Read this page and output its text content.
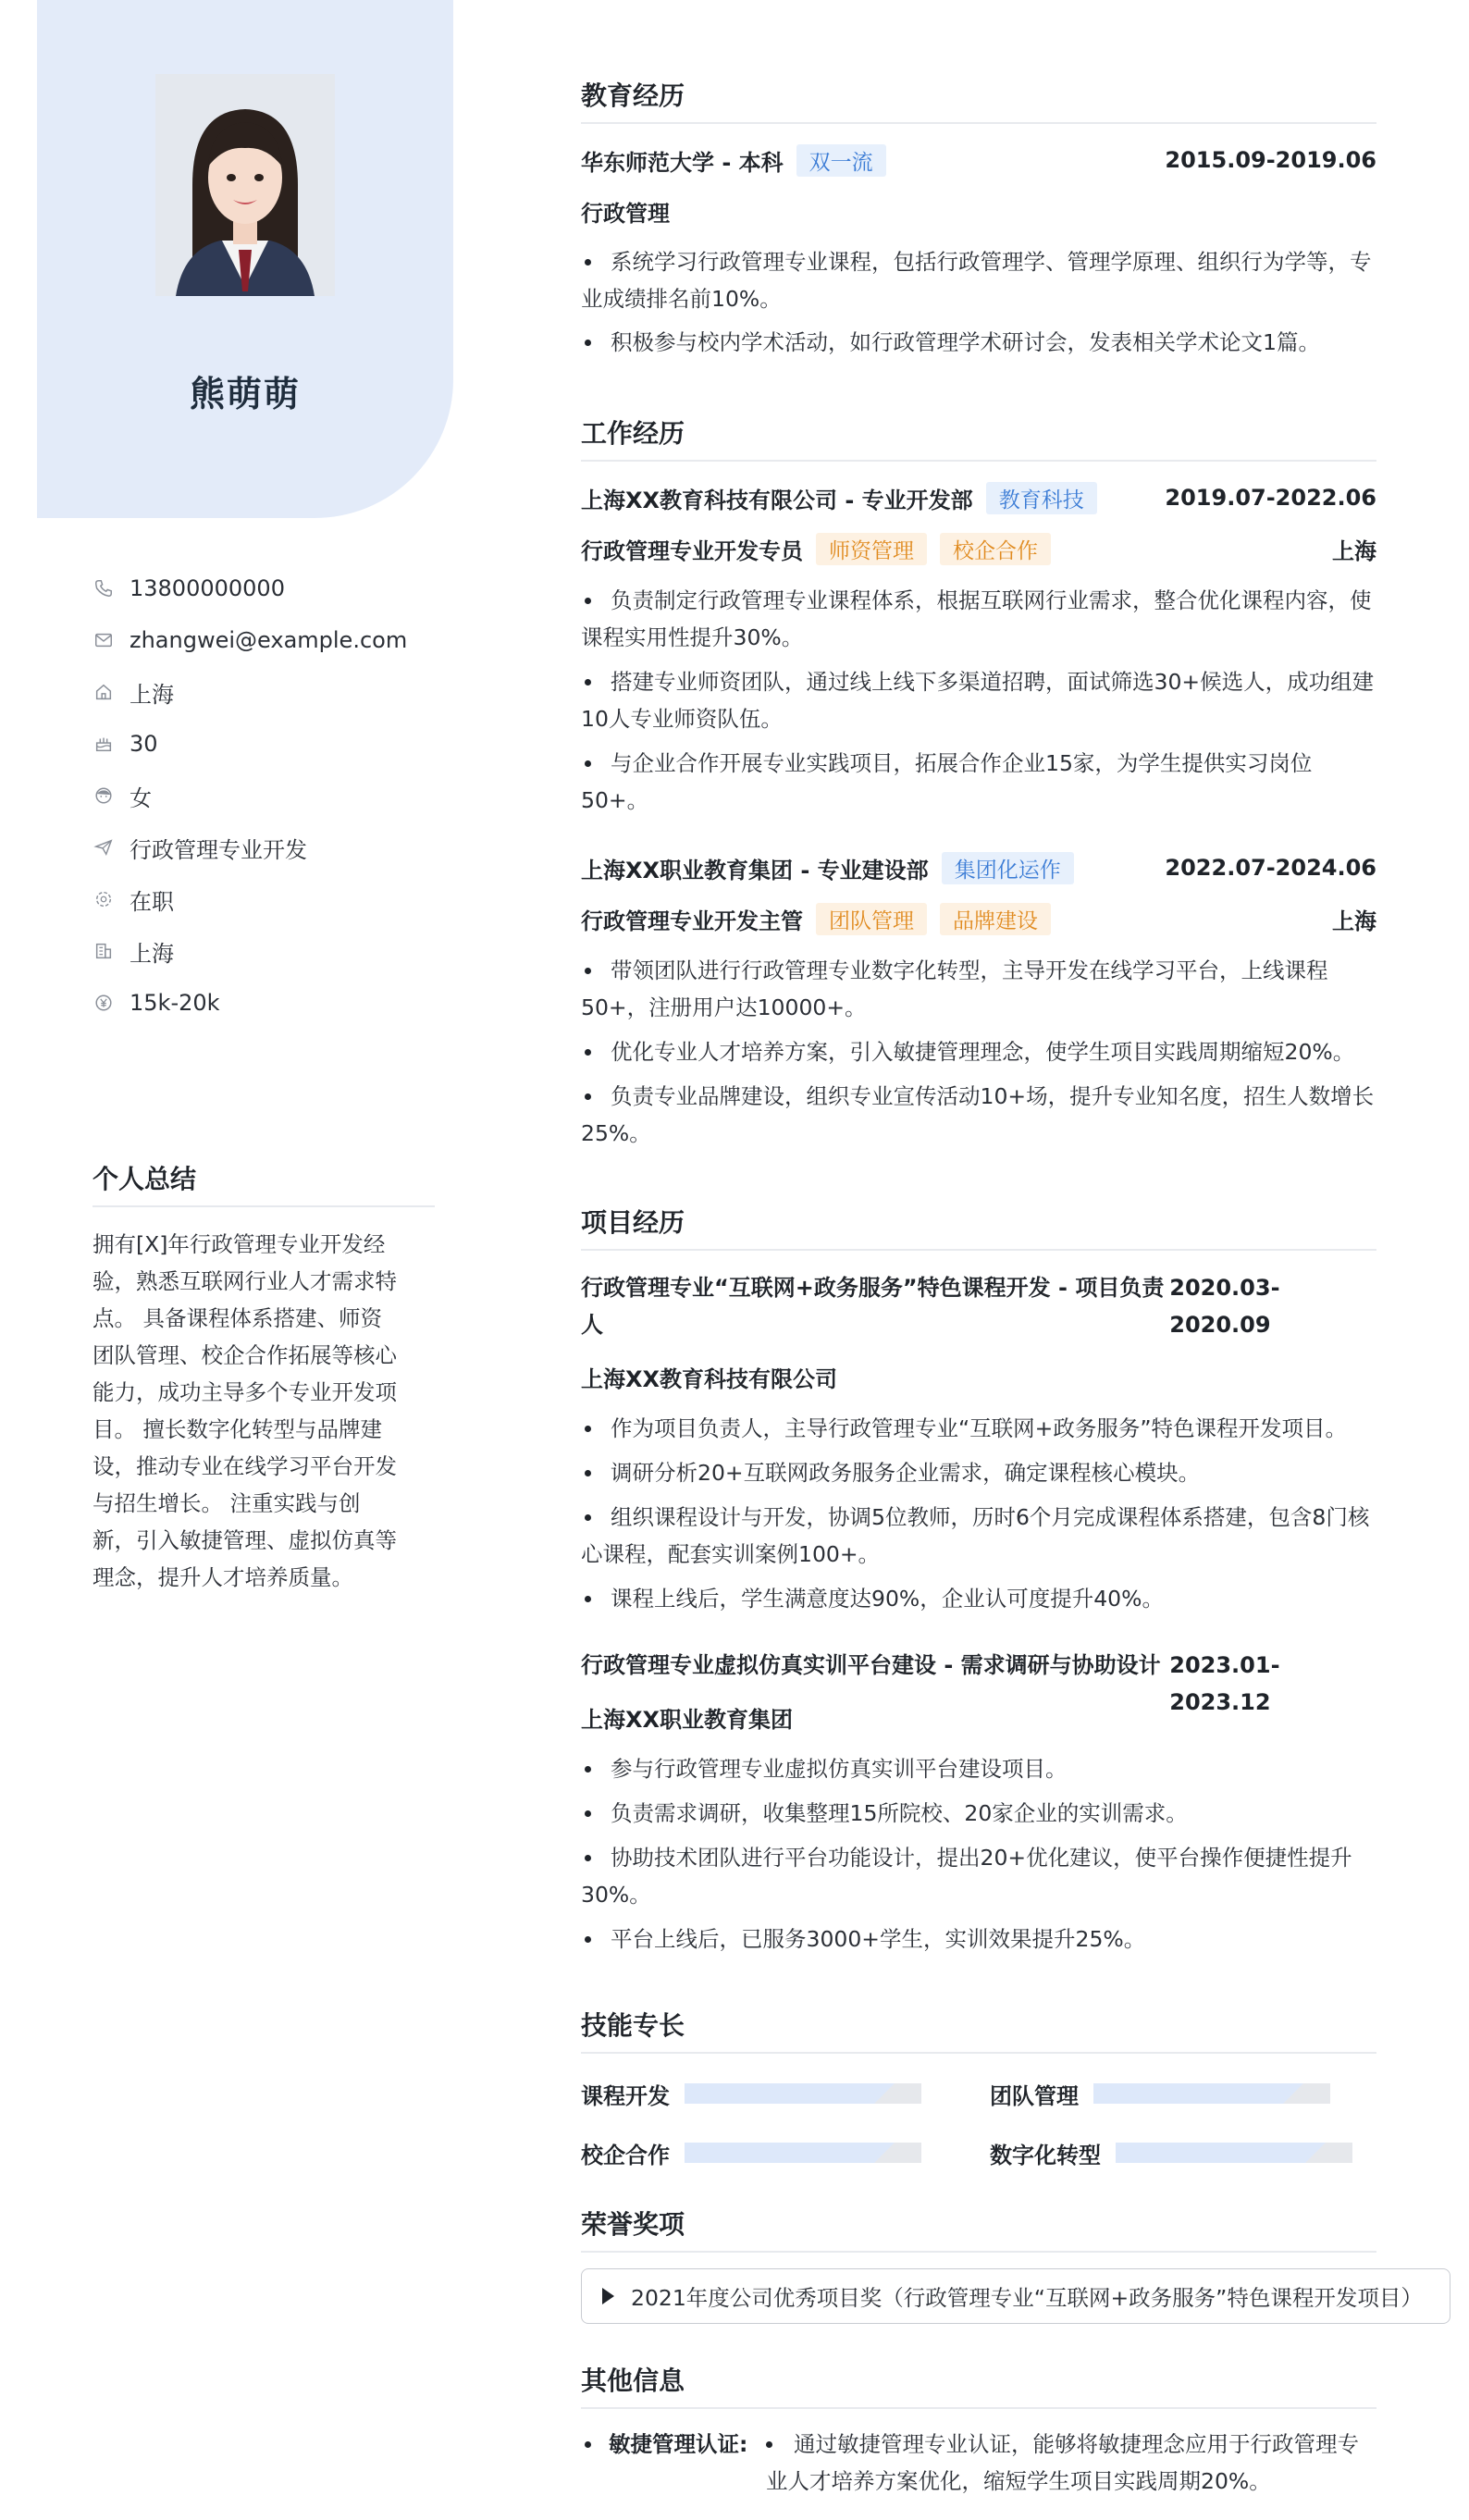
熊萌萌
13800000000
zhangwei@example.com
上海
30
女
行政管理专业开发
在职
上海
15k-20k
个人总结
拥有[X]年行政管理专业开发经验，熟悉互联网行业人才需求特点。 具备课程体系搭建、师资团队管理、校企合作拓展等核心能力，成功主导多个专业开发项目。 擅长数字化转型与品牌建设，推动专业在线学习平台开发与招生增长。 注重实践与创新，引入敏捷管理、虚拟仿真等理念，提升人才培养质量。
教育经历
华东师范大学 - 本科	双一流	2015.09-2019.06
行政管理
系统学习行政管理专业课程，包括行政管理学、管理学原理、组织行为学等，专业成绩排名前10%。
积极参与校内学术活动，如行政管理学术研讨会，发表相关学术论文1篇。
工作经历
上海XX教育科技有限公司 - 专业开发部	教育科技	2019.07-2022.06
行政管理专业开发专员	师资管理	校企合作	上海
负责制定行政管理专业课程体系，根据互联网行业需求，整合优化课程内容，使课程实用性提升30%。
搭建专业师资团队，通过线上线下多渠道招聘，面试筛选30+候选人，成功组建10人专业师资队伍。
与企业合作开展专业实践项目，拓展合作企业15家，为学生提供实习岗位50+。
上海XX职业教育集团 - 专业建设部	集团化运作	2022.07-2024.06
行政管理专业开发主管	团队管理	品牌建设	上海
带领团队进行行政管理专业数字化转型，主导开发在线学习平台，上线课程50+，注册用户达10000+。
优化专业人才培养方案，引入敏捷管理理念，使学生项目实践周期缩短20%。
负责专业品牌建设，组织专业宣传活动10+场，提升专业知名度，招生人数增长25%。
项目经历
行政管理专业“互联网+政务服务”特色课程开发 - 项目负责人
2020.03-2020.09
上海XX教育科技有限公司
作为项目负责人，主导行政管理专业“互联网+政务服务”特色课程开发项目。
调研分析20+互联网政务服务企业需求，确定课程核心模块。
组织课程设计与开发，协调5位教师，历时6个月完成课程体系搭建，包含8门核心课程，配套实训案例100+。
课程上线后，学生满意度达90%，企业认可度提升40%。
行政管理专业虚拟仿真实训平台建设 - 需求调研与协助设计 2023.01-2023.12
上海XX职业教育集团
参与行政管理专业虚拟仿真实训平台建设项目。
负责需求调研，收集整理15所院校、20家企业的实训需求。
协助技术团队进行平台功能设计，提出20+优化建议，使平台操作便捷性提升30%。
平台上线后，已服务3000+学生，实训效果提升25%。
技能专长
课程开发	团队管理
校企合作	数字化转型
荣誉奖项
2021年度公司优秀项目奖（行政管理专业“互联网+政务服务”特色课程开发项目）
其他信息
敏捷管理认证:	通过敏捷管理专业认证，能够将敏捷理念应用于行政管理专业人才培养方案优化，缩短学生项目实践周期20%。
